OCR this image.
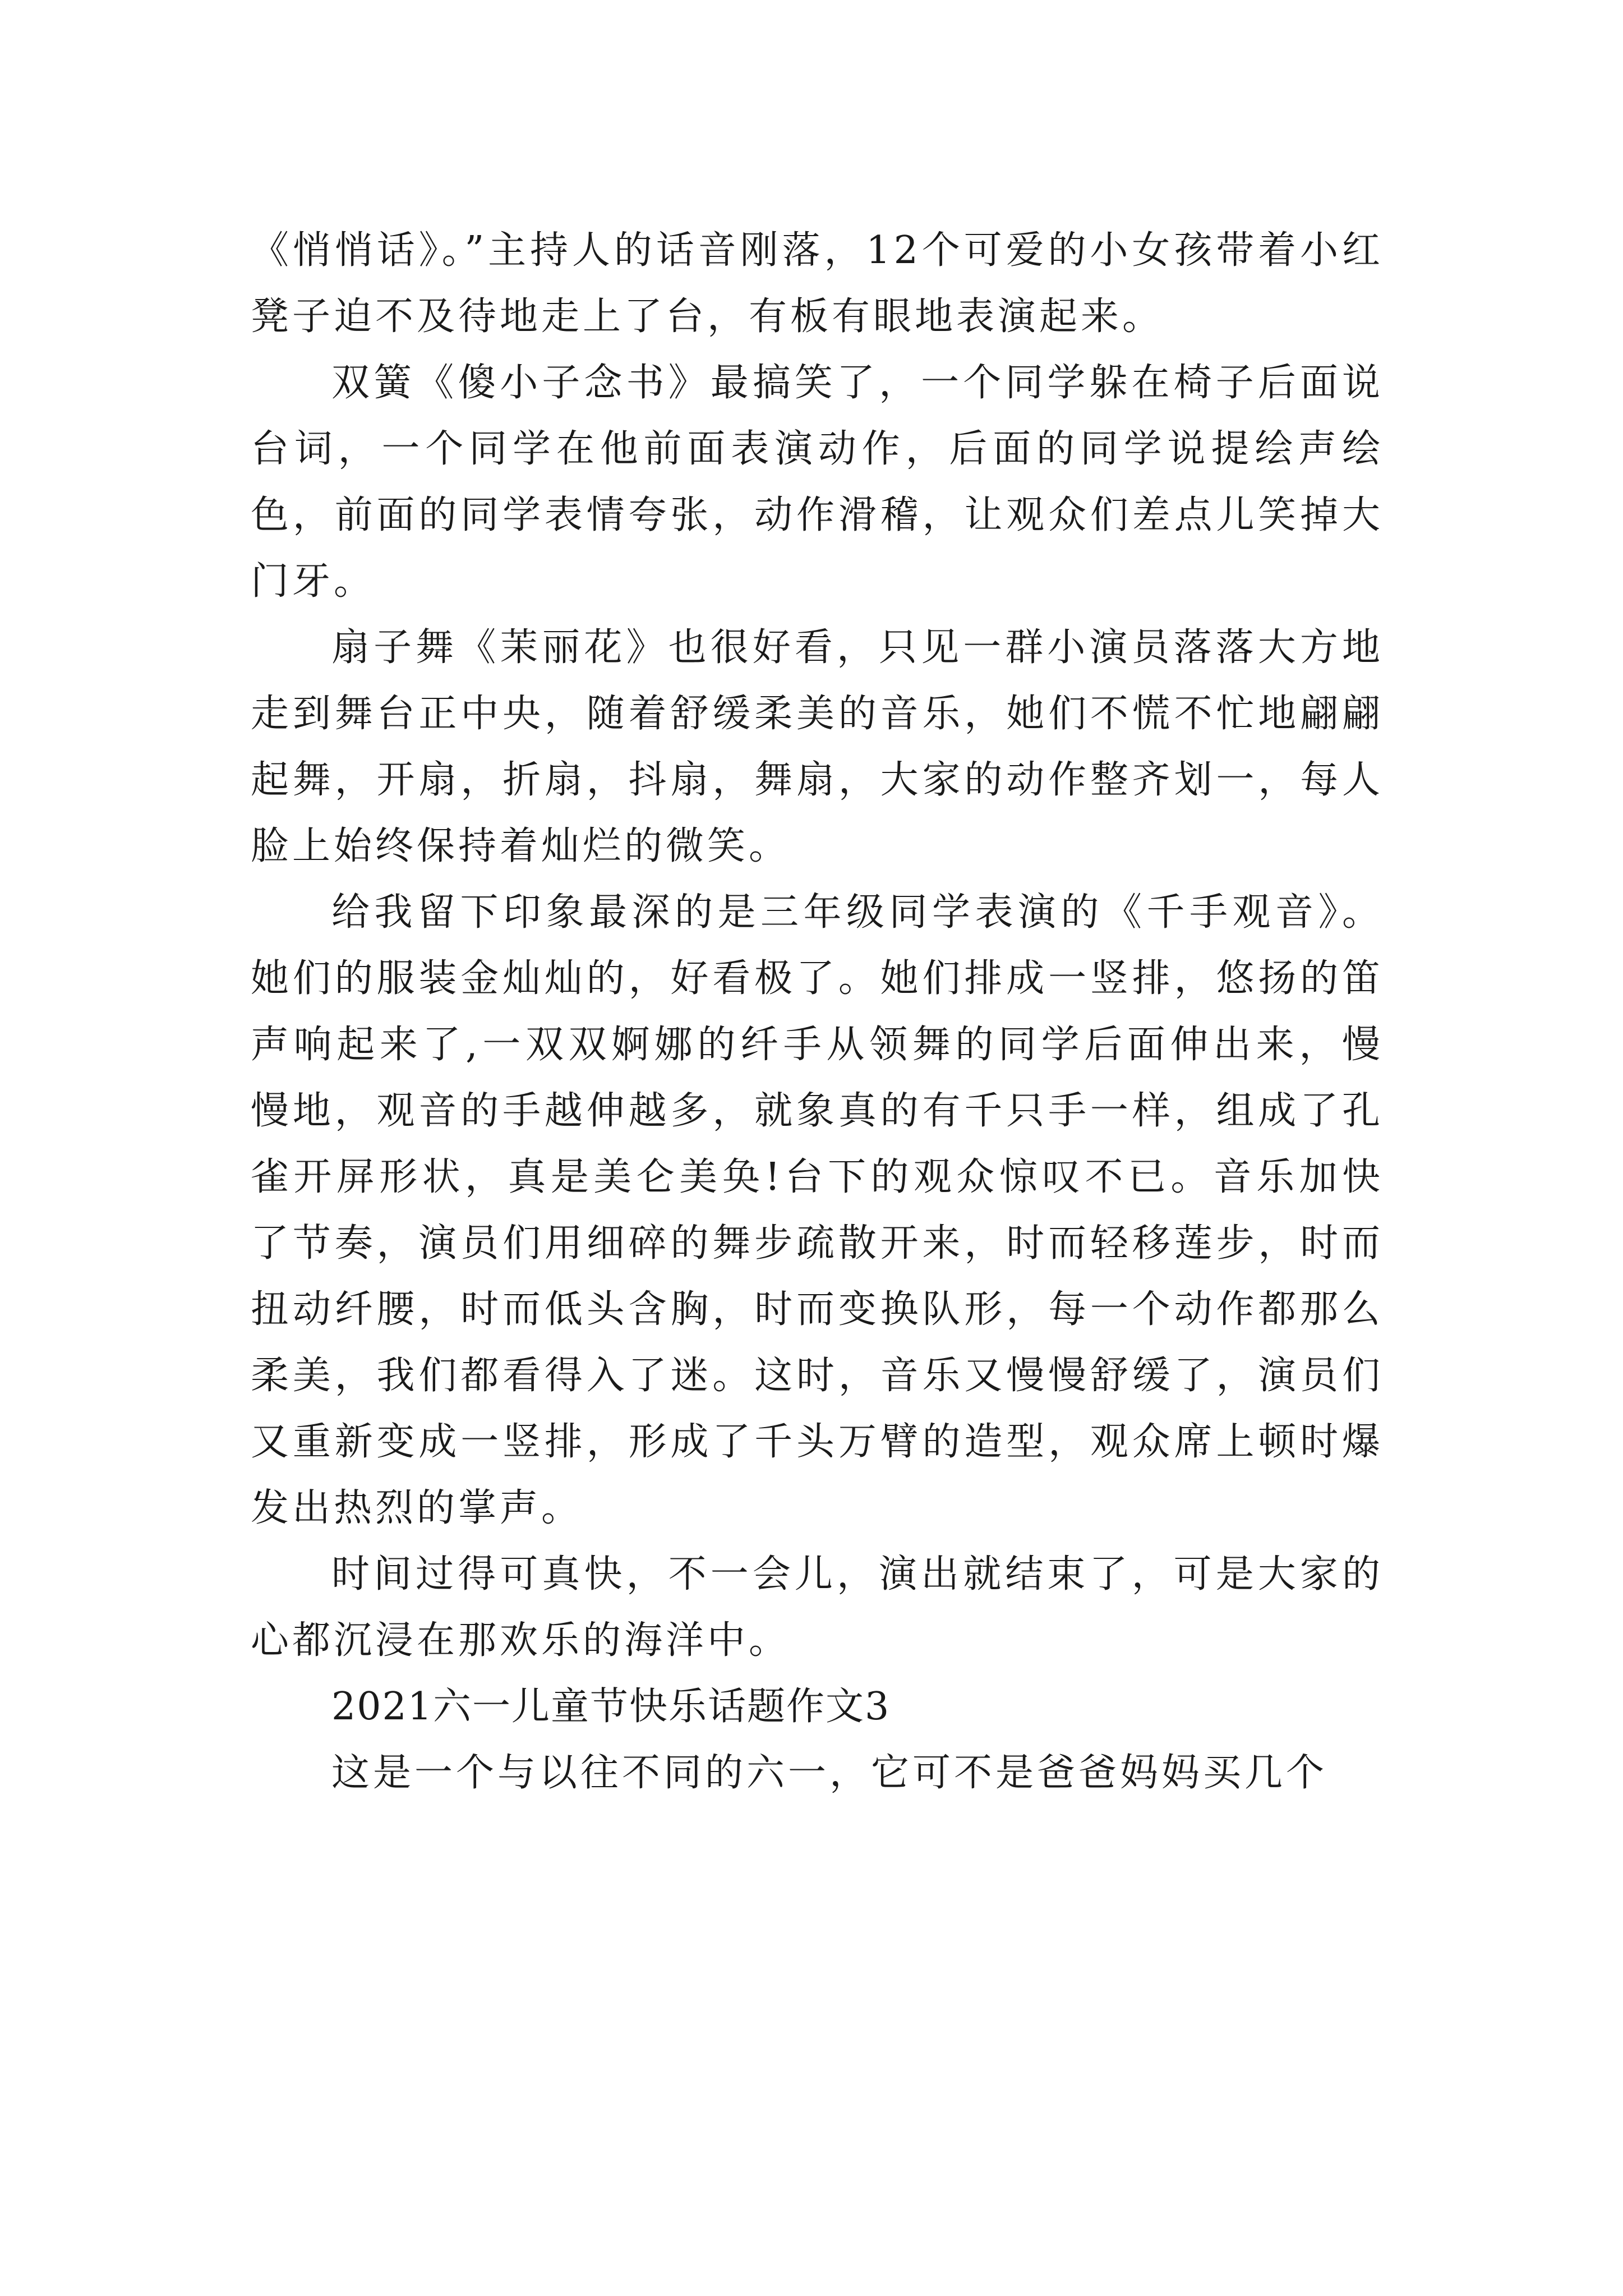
《悄悄话》。”主持人的话音刚落，12个可爱的小女孩带着小红凳子迫不及待地走上了台，有板有眼地表演起来。

双簧《傻小子念书》最搞笑了，一个同学躲在椅子后面说台词，一个同学在他前面表演动作，后面的同学说提绘声绘色，前面的同学表情夸张，动作滑稽，让观众们差点儿笑掉大门牙。

扇子舞《茉丽花》也很好看，只见一群小演员落落大方地走到舞台正中央，随着舒缓柔美的音乐，她们不慌不忙地翩翩起舞，开扇，折扇，抖扇，舞扇，大家的动作整齐划一，每人脸上始终保持着灿烂的微笑。

给我留下印象最深的是三年级同学表演的《千手观音》。她们的服装金灿灿的，好看极了。她们排成一竖排，悠扬的笛声响起来了,一双双婀娜的纤手从领舞的同学后面伸出来，慢慢地，观音的手越伸越多，就象真的有千只手一样，组成了孔雀开屏形状，真是美仑美奂!台下的观众惊叹不已。音乐加快了节奏，演员们用细碎的舞步疏散开来，时而轻移莲步，时而扭动纤腰，时而低头含胸，时而变换队形，每一个动作都那么柔美，我们都看得入了迷。这时，音乐又慢慢舒缓了，演员们又重新变成一竖排，形成了千头万臂的造型，观众席上顿时爆发出热烈的掌声。

时间过得可真快，不一会儿，演出就结束了，可是大家的心都沉浸在那欢乐的海洋中。

2021六一儿童节快乐话题作文3

这是一个与以往不同的六一，它可不是爸爸妈妈买几个
